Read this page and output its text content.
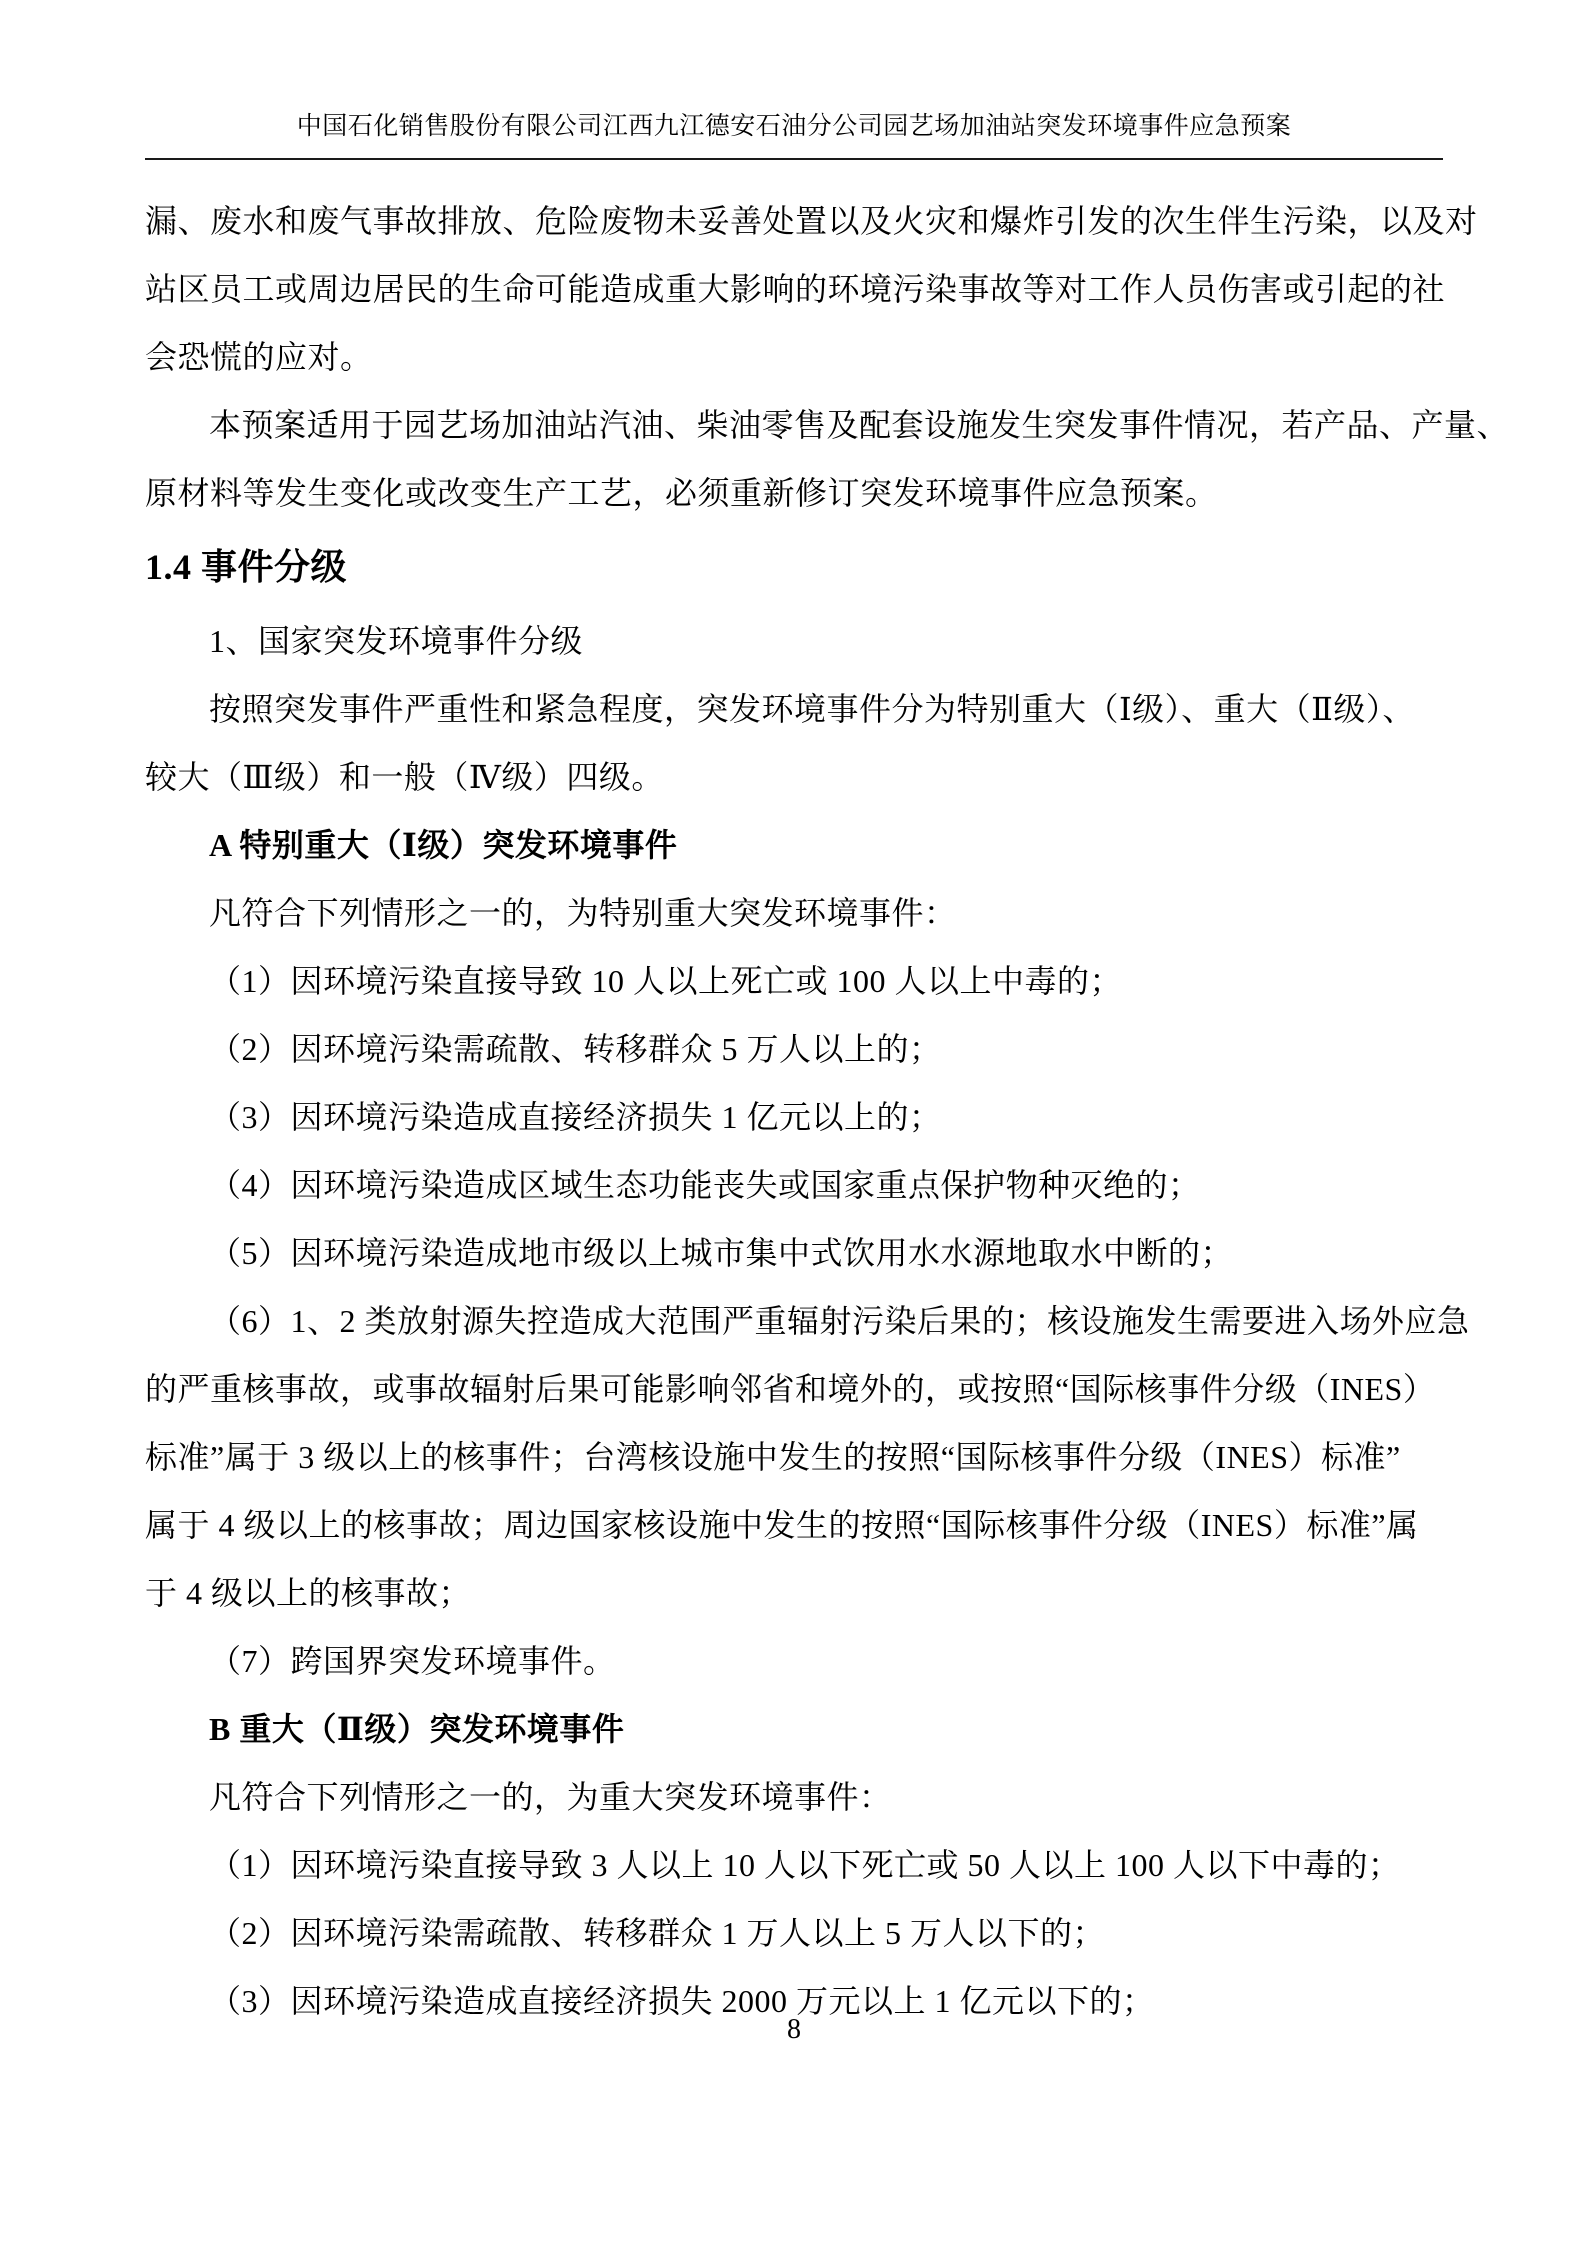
中国石化销售股份有限公司江西九江德安石油分公司园艺场加油站突发环境事件应急预案
漏、废水和废气事故排放、危险废物未妥善处置以及火灾和爆炸引发的次生伴生污染，以及对
站区员工或周边居民的生命可能造成重大影响的环境污染事故等对工作人员伤害或引起的社
会恐慌的应对。
本预案适用于园艺场加油站汽油、柴油零售及配套设施发生突发事件情况，若产品、产量、
原材料等发生变化或改变生产工艺，必须重新修订突发环境事件应急预案。
1.4 事件分级
1、国家突发环境事件分级
按照突发事件严重性和紧急程度，突发环境事件分为特别重大（Ⅰ级）、重大（Ⅱ级）、
较大（Ⅲ级）和一般（Ⅳ级）四级。
A 特别重大（Ⅰ级）突发环境事件
凡符合下列情形之一的，为特别重大突发环境事件：
（1）因环境污染直接导致 10 人以上死亡或 100 人以上中毒的；
（2）因环境污染需疏散、转移群众 5 万人以上的；
（3）因环境污染造成直接经济损失 1 亿元以上的；
（4）因环境污染造成区域生态功能丧失或国家重点保护物种灭绝的；
（5）因环境污染造成地市级以上城市集中式饮用水水源地取水中断的；
（6）1、2 类放射源失控造成大范围严重辐射污染后果的；核设施发生需要进入场外应急
的严重核事故，或事故辐射后果可能影响邻省和境外的，或按照“国际核事件分级（INES）
标准”属于 3 级以上的核事件；台湾核设施中发生的按照“国际核事件分级（INES）标准”
属于 4 级以上的核事故；周边国家核设施中发生的按照“国际核事件分级（INES）标准”属
于 4 级以上的核事故；
（7）跨国界突发环境事件。
B 重大（Ⅱ级）突发环境事件
凡符合下列情形之一的，为重大突发环境事件：
（1）因环境污染直接导致 3 人以上 10 人以下死亡或 50 人以上 100 人以下中毒的；
（2）因环境污染需疏散、转移群众 1 万人以上 5 万人以下的；
（3）因环境污染造成直接经济损失 2000 万元以上 1 亿元以下的；
8
